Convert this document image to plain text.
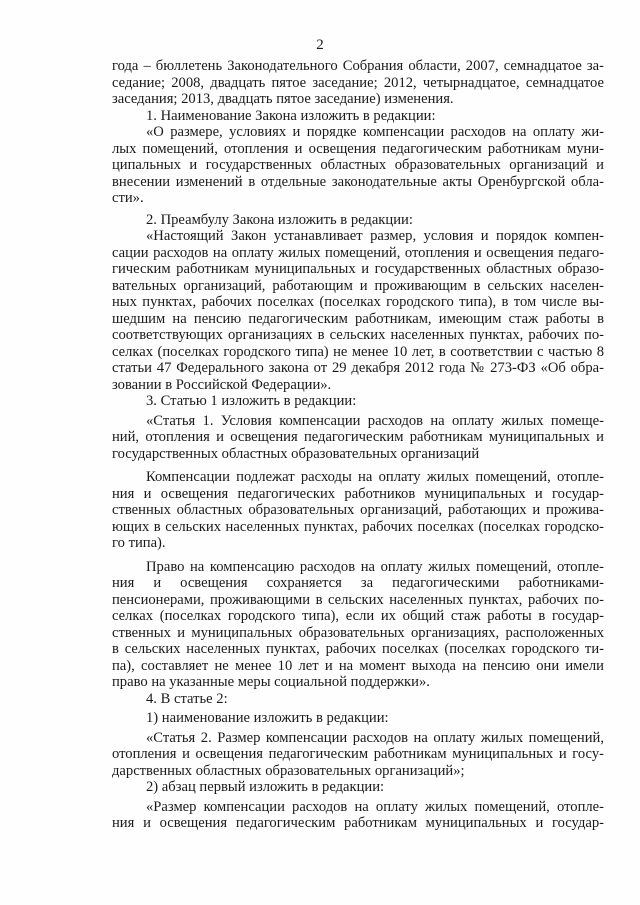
2
года – бюллетень Законодательного Собрания области, 2007, семнадцатое за-
седание; 2008, двадцать пятое заседание; 2012, четырнадцатое, семнадцатое
заседания; 2013, двадцать пятое заседание) изменения.
1. Наименование Закона изложить в редакции:
«О размере, условиях и порядке компенсации расходов на оплату жи-
лых помещений, отопления и освещения педагогическим работникам муни-
ципальных и государственных областных образовательных организаций и
внесении изменений в отдельные законодательные акты Оренбургской обла-
сти».
2. Преамбулу Закона изложить в редакции:
«Настоящий Закон устанавливает размер, условия и порядок компен-
сации расходов на оплату жилых помещений, отопления и освещения педаго-
гическим работникам муниципальных и государственных областных образо-
вательных организаций, работающим и проживающим в сельских населен-
ных пунктах, рабочих поселках (поселках городского типа), в том числе вы-
шедшим на пенсию педагогическим работникам, имеющим стаж работы в
соответствующих организациях в сельских населенных пунктах, рабочих по-
селках (поселках городского типа) не менее 10 лет, в соответствии с частью 8
статьи 47 Федерального закона от 29 декабря 2012 года № 273-ФЗ «Об обра-
зовании в Российской Федерации».
3. Статью 1 изложить в редакции:
«Статья 1. Условия компенсации расходов на оплату жилых помеще-
ний, отопления и освещения педагогическим работникам муниципальных и
государственных областных образовательных организаций
Компенсации подлежат расходы на оплату жилых помещений, отопле-
ния и освещения педагогических работников муниципальных и государ-
ственных областных образовательных организаций, работающих и прожива-
ющих в сельских населенных пунктах, рабочих поселках (поселках городско-
го типа).
Право на компенсацию расходов на оплату жилых помещений, отопле-
ния и освещения сохраняется за педагогическими работниками-
пенсионерами, проживающими в сельских населенных пунктах, рабочих по-
селках (поселках городского типа), если их общий стаж работы в государ-
ственных и муниципальных образовательных организациях, расположенных
в сельских населенных пунктах, рабочих поселках (поселках городского ти-
па), составляет не менее 10 лет и на момент выхода на пенсию они имели
право на указанные меры социальной поддержки».
4. В статье 2:
1) наименование изложить в редакции:
«Статья 2. Размер компенсации расходов на оплату жилых помещений,
отопления и освещения педагогическим работникам муниципальных и госу-
дарственных областных образовательных организаций»;
2) абзац первый изложить в редакции:
«Размер компенсации расходов на оплату жилых помещений, отопле-
ния и освещения педагогическим работникам муниципальных и государ-
